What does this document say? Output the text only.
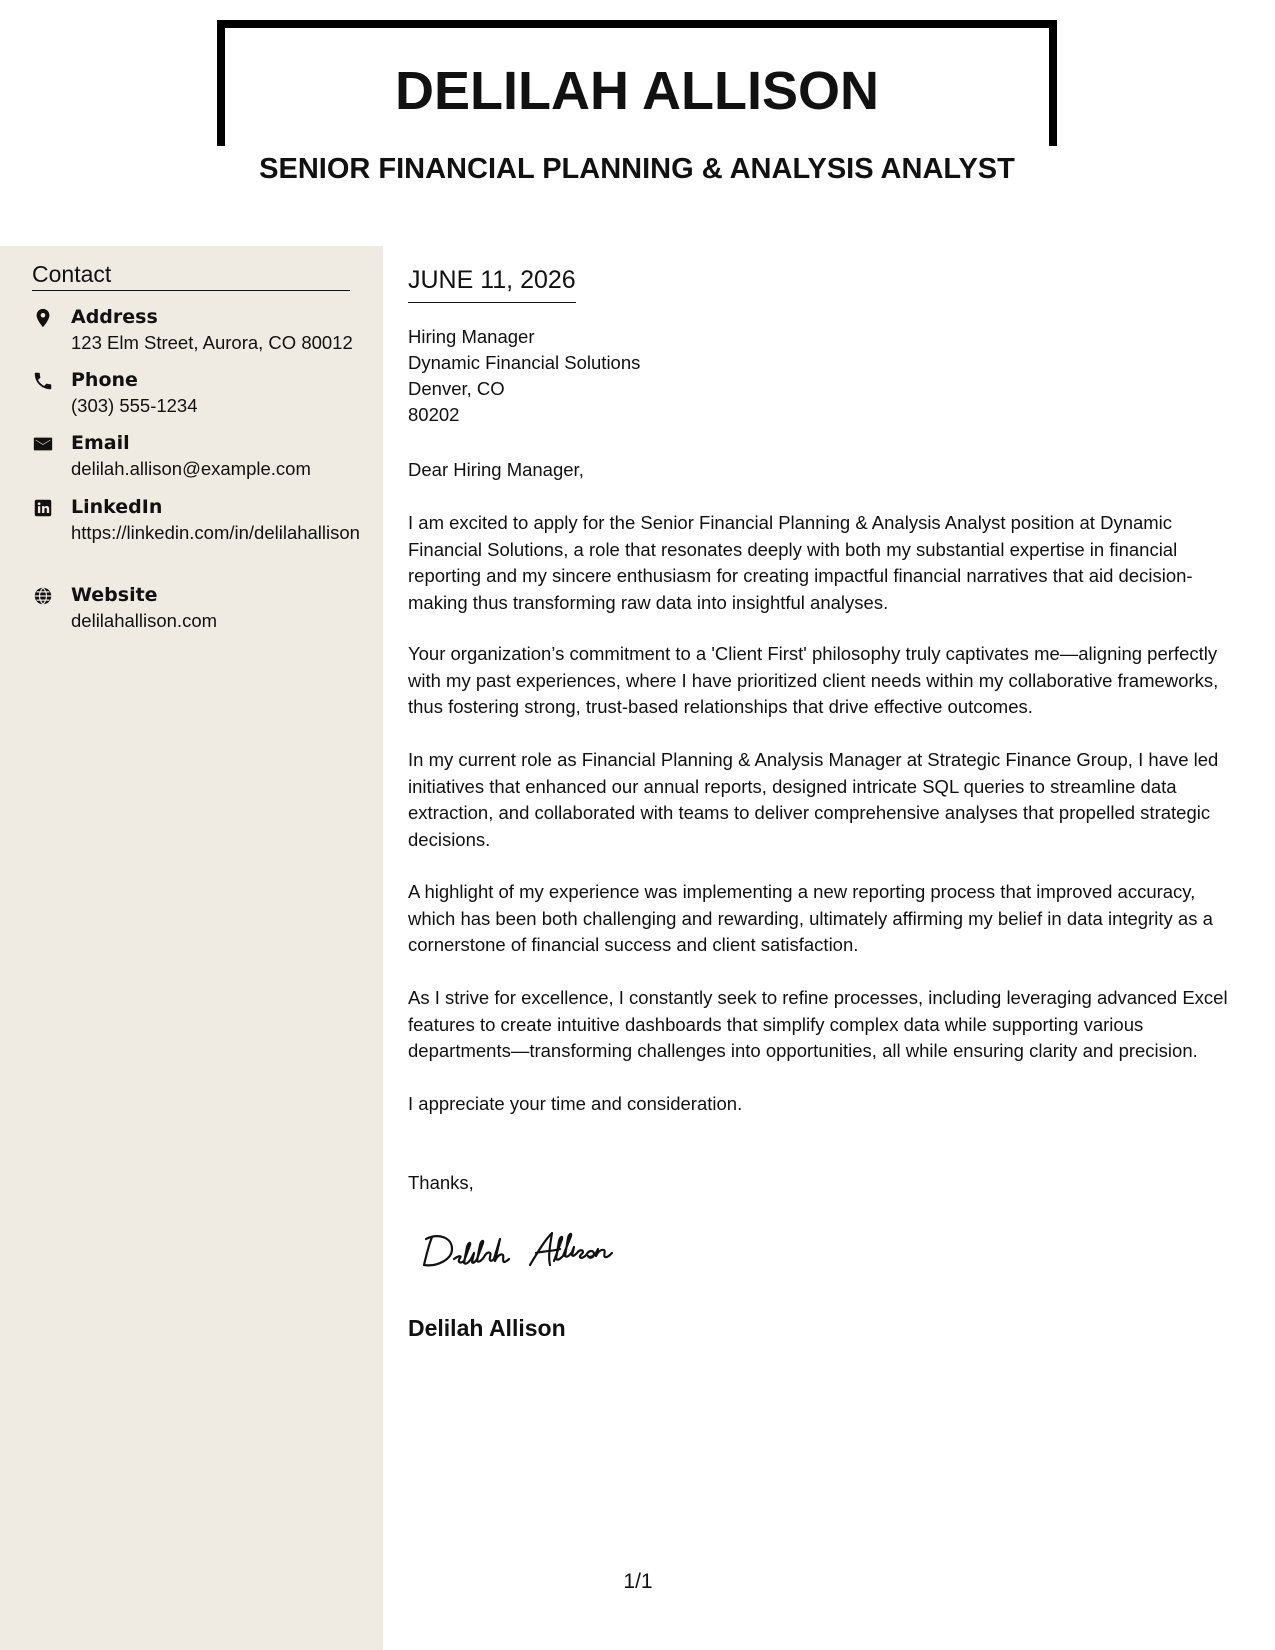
DELILAH ALLISON
SENIOR FINANCIAL PLANNING & ANALYSIS ANALYST
Contact
Address
123 Elm Street, Aurora, CO 80012
Phone
(303) 555-1234
Email
delilah.allison@example.com
LinkedIn
https://linkedin.com/in/delilahallison
Website
delilahallison.com
JUNE 11, 2026
Hiring Manager
Dynamic Financial Solutions
Denver, CO
80202
Dear Hiring Manager,
I am excited to apply for the Senior Financial Planning & Analysis Analyst position at Dynamic Financial Solutions, a role that resonates deeply with both my substantial expertise in financial reporting and my sincere enthusiasm for creating impactful financial narratives that aid decision-making thus transforming raw data into insightful analyses.
Your organization’s commitment to a 'Client First' philosophy truly captivates me—aligning perfectly with my past experiences, where I have prioritized client needs within my collaborative frameworks, thus fostering strong, trust-based relationships that drive effective outcomes.
In my current role as Financial Planning & Analysis Manager at Strategic Finance Group, I have led initiatives that enhanced our annual reports, designed intricate SQL queries to streamline data extraction, and collaborated with teams to deliver comprehensive analyses that propelled strategic decisions.
A highlight of my experience was implementing a new reporting process that improved accuracy, which has been both challenging and rewarding, ultimately affirming my belief in data integrity as a cornerstone of financial success and client satisfaction.
As I strive for excellence, I constantly seek to refine processes, including leveraging advanced Excel features to create intuitive dashboards that simplify complex data while supporting various departments—transforming challenges into opportunities, all while ensuring clarity and precision.
I appreciate your time and consideration.
Thanks,
Delilah Allison
1/1
